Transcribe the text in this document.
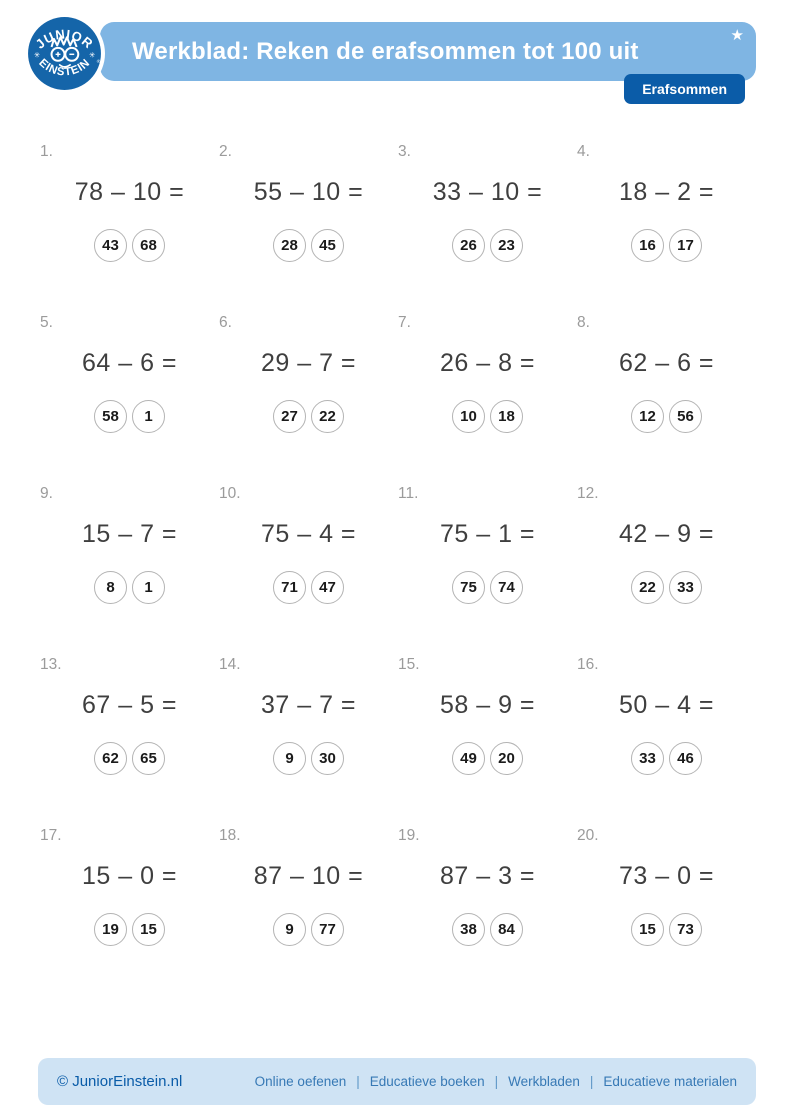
Werkblad: Reken de erafsommen tot 100 uit
★
JUNIOR
EINSTEIN
✳	✳
®
Erafsommen
1.
78 – 10 =
43	68
2.
55 – 10 =
28	45
3.
33 – 10 =
26	23
4.
18 – 2 =
16	17
5.
64 – 6 =
58	1
6.
29 – 7 =
27	22
7.
26 – 8 =
10	18
8.
62 – 6 =
12	56
9.
15 – 7 =
8	1
10.
75 – 4 =
71	47
11.
75 – 1 =
75	74
12.
42 – 9 =
22	33
13.
67 – 5 =
62	65
14.
37 – 7 =
9	30
15.
58 – 9 =
49	20
16.
50 – 4 =
33	46
17.
15 – 0 =
19	15
18.
87 – 10 =
9	77
19.
87 – 3 =
38	84
20.
73 – 0 =
15	73
© JuniorEinstein.nl	Online oefenen | Educatieve boeken | Werkbladen | Educatieve materialen
